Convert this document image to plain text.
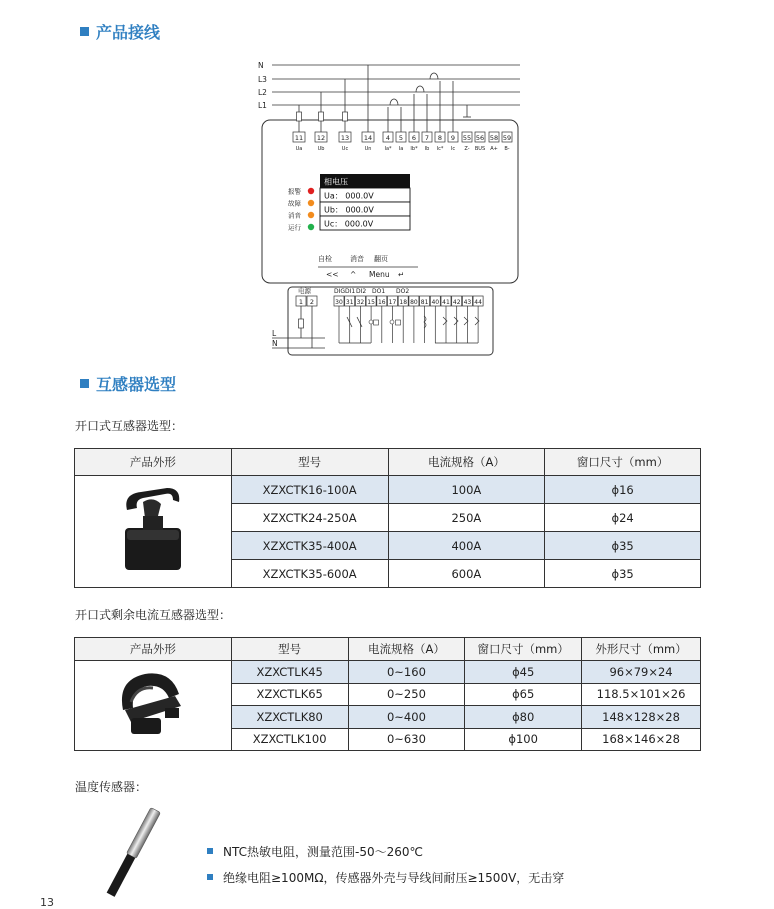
产品接线
N
L3
L2
L1
11
Ua
12
Ub
13
Uc
14
Un
4
Ia*
5
Ia
6
Ib*
7
Ib
8
Ic*
9
Ic
55
Z-
56
BUS
58
A+
59
B-
相电压
Ua： 000.0V
Ub： 000.0V
Uc： 000.0V
报警
故障
消音
运行
自检	消音 翻页
<< ^ Menu ↵
电源
1 2
DIG DI1 DI2 DO1 DO2
30 31 32 15 16 17 18 80 81 40 41 42 43 44
L
N
互感器选型
开口式互感器选型：
产品外形	型号	电流规格（A）	窗口尺寸（mm）
	XZXCTK16-100A	100A	ϕ16
	XZXCTK24-250A	250A	ϕ24
	XZXCTK35-400A	400A	ϕ35
	XZXCTK35-600A	600A	ϕ35
开口式剩余电流互感器选型：
产品外形	型号	电流规格（A）	窗口尺寸（mm）	外形尺寸（mm）
	XZXCTLK45	0~160	ϕ45	96×79×24
	XZXCTLK65	0~250	ϕ65	118.5×101×26
	XZXCTLK80	0~400	ϕ80	148×128×28
	XZXCTLK100	0~630	ϕ100	168×146×28
温度传感器：
NTC热敏电阻，测量范围-50～260℃
绝缘电阻≥100MΩ，传感器外壳与导线间耐压≥1500V，无击穿
13
